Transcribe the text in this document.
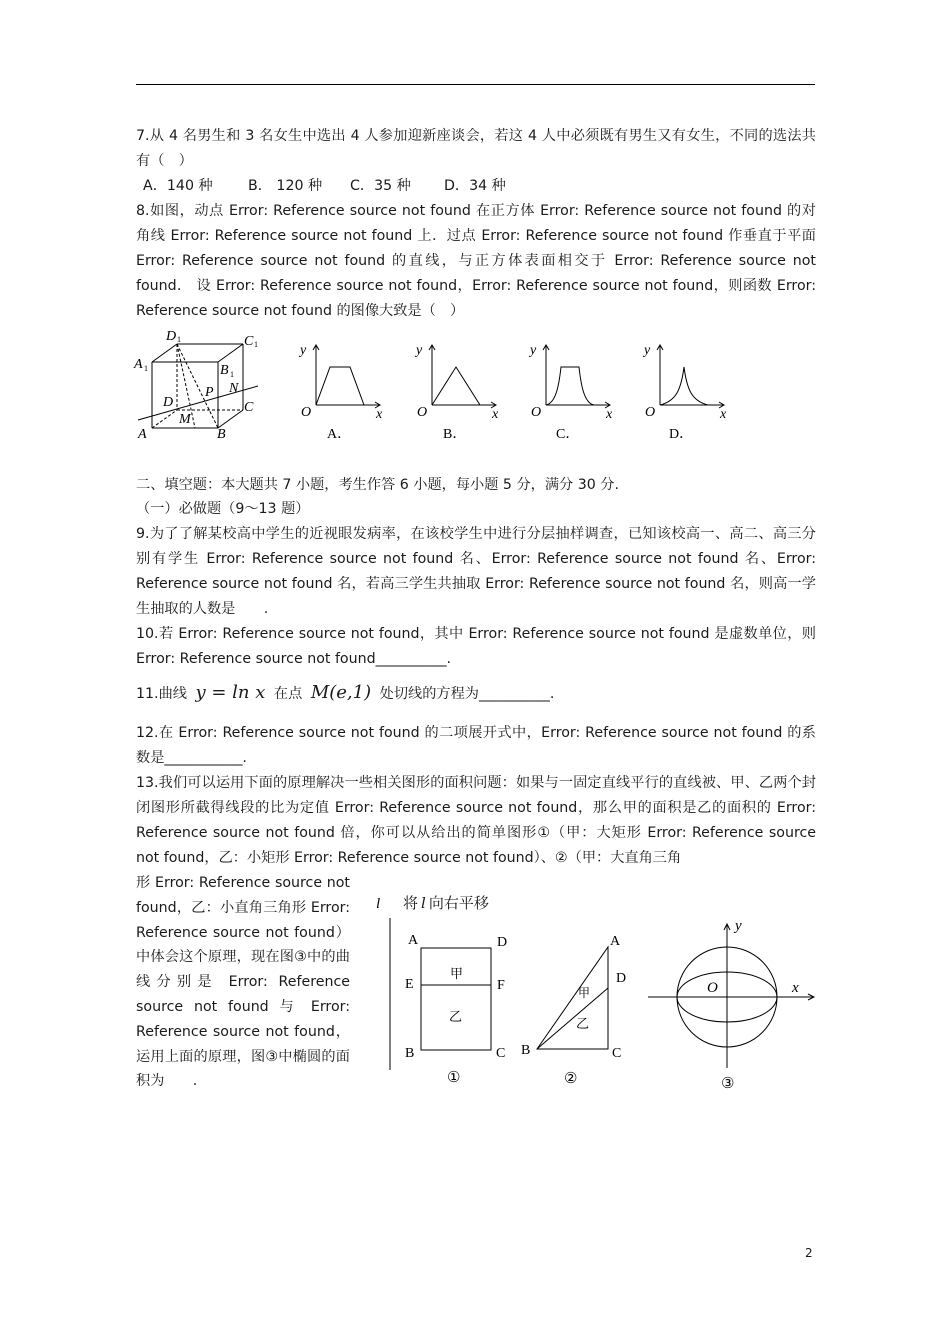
7.从 4 名男生和 3 名女生中选出 4 人参加迎新座谈会，若这 4 人中必须既有男生又有女生，不同的选法共有（　）
A．140 种 B． 120 种 C．35 种 D．34 种
8.如图，动点 Error: Reference source not found 在正方体 Error: Reference source not found 的对角线 Error: Reference source not found 上．过点 Error: Reference source not found 作垂直于平面 Error: Reference source not found 的直线，与正方体表面相交于 Error: Reference source not found． 设 Error: Reference source not found，Error: Reference source not found，则函数 Error: Reference source not found 的图像大致是（　）
D 1	C 1
A 1	B 1
P N
D	C
M
A	B
y
x
O
A．
y
x
O
B．
y
x
O
C．
y
x
O
D．
二、填空题：本大题共 7 小题，考生作答 6 小题，每小题 5 分，满分 30 分.
（一）必做题（9～13 题）
9.为了了解某校高中学生的近视眼发病率，在该校学生中进行分层抽样调查，已知该校高一、高二、高三分别有学生 Error: Reference source not found 名、Error: Reference source not found 名、Error: Reference source not found 名，若高三学生共抽取 Error: Reference source not found 名，则高一学生抽取的人数是　　.
10.若 Error: Reference source not found，其中 Error: Reference source not found 是虚数单位，则 Error: Reference source not found__________.
11.曲线 y = ln x 在点 M(e,1) 处切线的方程为__________.
12.在 Error: Reference source not found 的二项展开式中，Error: Reference source not found 的系数是___________.
13.我们可以运用下面的原理解决一些相关图形的面积问题：如果与一固定直线平行的直线被、甲、乙两个封闭图形所截得线段的比为定值 Error: Reference source not found，那么甲的面积是乙的面积的 Error: Reference source not found 倍，你可以从给出的简单图形①（甲：大矩形 Error: Reference source not found，乙：小矩形 Error: Reference source not found）、②（甲：大直角三角
形 Error: Reference source not found，乙：小直角三角形 Error: Reference source not found）中体会这个原理，现在图③中的曲线分别是 Error: Reference source not found 与 Error: Reference source not found，运用上面的原理，图③中椭圆的面积为　　.
l
A	D
E	F
B	C
甲
乙
①
将 l 向右平移
A
D
B	C
甲
乙
②
y
x
O
③
2
